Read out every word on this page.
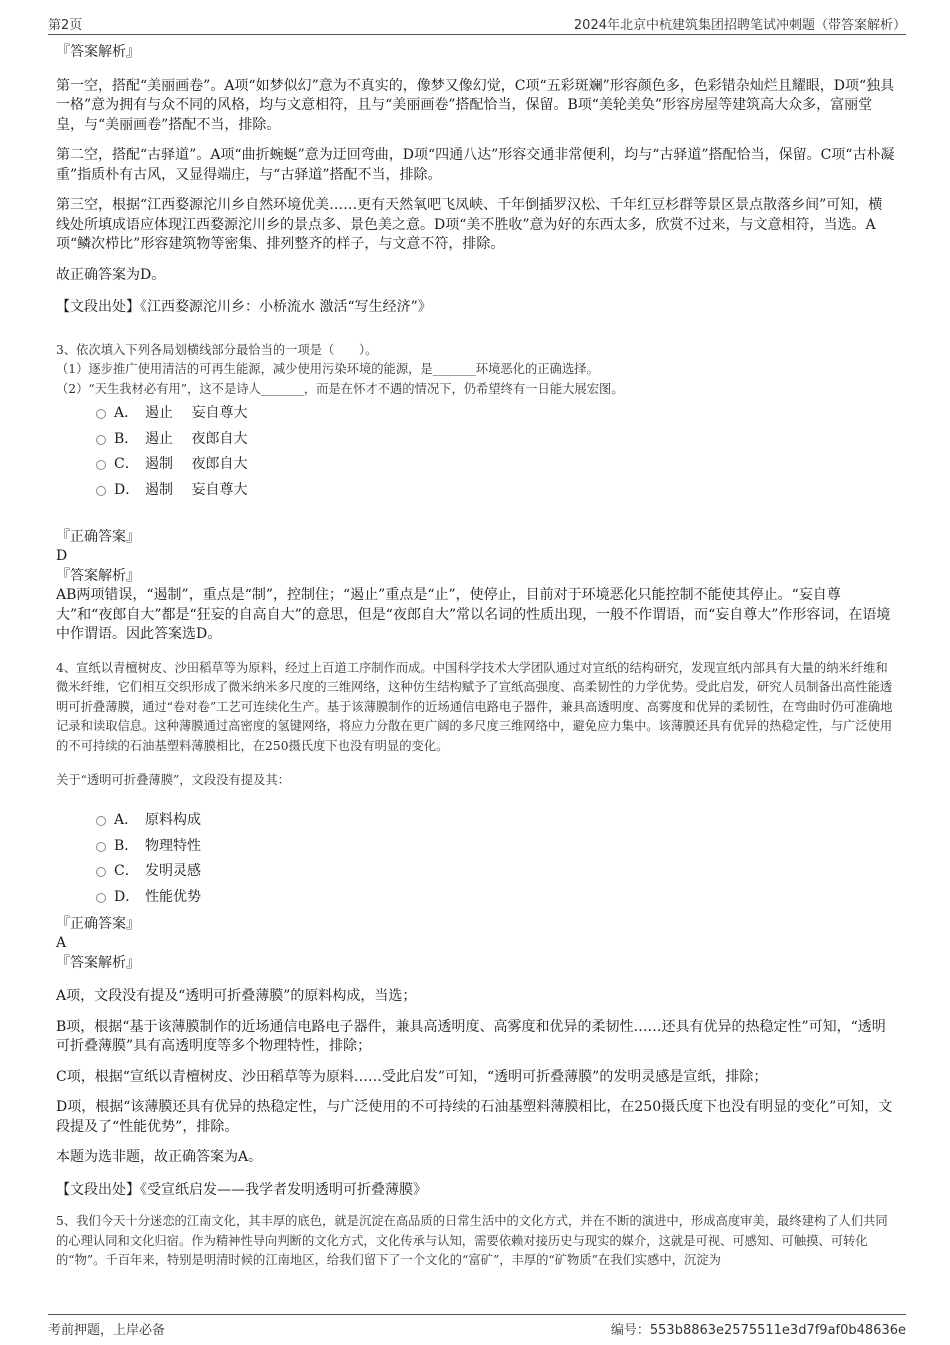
第2页	2024年北京中杭建筑集团招聘笔试冲刺题（带答案解析）

『答案解析』

第一空，搭配“美丽画卷”。A项“如梦似幻”意为不真实的，像梦又像幻觉，C项“五彩斑斓”形容颜色多，色彩错杂灿烂且耀眼，D项“独具一格”意为拥有与众不同的风格，均与文意相符，且与“美丽画卷”搭配恰当，保留。B项“美轮美奂”形容房屋等建筑高大众多，富丽堂皇，与“美丽画卷”搭配不当，排除。

第二空，搭配“古驿道”。A项“曲折蜿蜒”意为迂回弯曲，D项“四通八达”形容交通非常便利，均与“古驿道”搭配恰当，保留。C项“古朴凝重”指质朴有古风，又显得端庄，与“古驿道”搭配不当，排除。

第三空，根据“江西婺源沱川乡自然环境优美……更有天然氧吧飞凤峡、千年倒插罗汉松、千年红豆杉群等景区景点散落乡间”可知，横线处所填成语应体现江西婺源沱川乡的景点多、景色美之意。D项“美不胜收”意为好的东西太多，欣赏不过来，与文意相符，当选。A项“鳞次栉比”形容建筑物等密集、排列整齐的样子，与文意不符，排除。

故正确答案为D。

【文段出处】《江西婺源沱川乡：小桥流水 激活“写生经济”》

3、依次填入下列各局划横线部分最恰当的一项是（　　）。

（1）逐步推广使用清洁的可再生能源，减少使用污染环境的能源，是_______环境恶化的正确选择。

（2）“天生我材必有用”，这不是诗人_______，而是在怀才不遇的情况下，仍希望终有一日能大展宏图。

A． 遏止　 妄自尊大
B． 遏止　 夜郎自大
C． 遏制　 夜郎自大
D． 遏制　 妄自尊大

『正确答案』

D

『答案解析』

AB两项错误，“遏制”，重点是“制”，控制住；“遏止”重点是“止”，使停止，目前对于环境恶化只能控制不能使其停止。“妄自尊大”和“夜郎自大”都是“狂妄的自高自大”的意思，但是“夜郎自大”常以名词的性质出现，一般不作谓语，而“妄自尊大”作形容词，在语境中作谓语。因此答案选D。

4、宣纸以青檀树皮、沙田稻草等为原料，经过上百道工序制作而成。中国科学技术大学团队通过对宣纸的结构研究，发现宣纸内部具有大量的纳米纤维和微米纤维，它们相互交织形成了微米纳米多尺度的三维网络，这种仿生结构赋予了宣纸高强度、高柔韧性的力学优势。受此启发，研究人员制备出高性能透明可折叠薄膜，通过“卷对卷”工艺可连续化生产。基于该薄膜制作的近场通信电路电子器件，兼具高透明度、高雾度和优异的柔韧性，在弯曲时仍可准确地记录和读取信息。这种薄膜通过高密度的氢键网络，将应力分散在更广阔的多尺度三维网络中，避免应力集中。该薄膜还具有优异的热稳定性，与广泛使用的不可持续的石油基塑料薄膜相比，在250摄氏度下也没有明显的变化。

关于“透明可折叠薄膜”，文段没有提及其：

A． 原料构成
B． 物理特性
C． 发明灵感
D． 性能优势

『正确答案』

A

『答案解析』

A项，文段没有提及“透明可折叠薄膜”的原料构成，当选；

B项，根据“基于该薄膜制作的近场通信电路电子器件，兼具高透明度、高雾度和优异的柔韧性……还具有优异的热稳定性”可知，“透明可折叠薄膜”具有高透明度等多个物理特性，排除；

C项，根据“宣纸以青檀树皮、沙田稻草等为原料……受此启发”可知，“透明可折叠薄膜”的发明灵感是宣纸，排除；

D项，根据“该薄膜还具有优异的热稳定性，与广泛使用的不可持续的石油基塑料薄膜相比，在250摄氏度下也没有明显的变化”可知，文段提及了“性能优势”，排除。

本题为选非题，故正确答案为A。

【文段出处】《受宣纸启发——我学者发明透明可折叠薄膜》

5、我们今天十分迷恋的江南文化，其丰厚的底色，就是沉淀在高品质的日常生活中的文化方式，并在不断的演进中，形成高度审美，最终建构了人们共同的心理认同和文化归宿。作为精神性导向判断的文化方式，文化传承与认知，需要依赖对接历史与现实的媒介，这就是可视、可感知、可触摸、可转化的“物”。千百年来，特别是明清时候的江南地区，给我们留下了一个文化的“富矿”，丰厚的“矿物质”在我们实感中，沉淀为

考前押题，上岸必备	编号：553b8863e2575511e3d7f9af0b48636e
